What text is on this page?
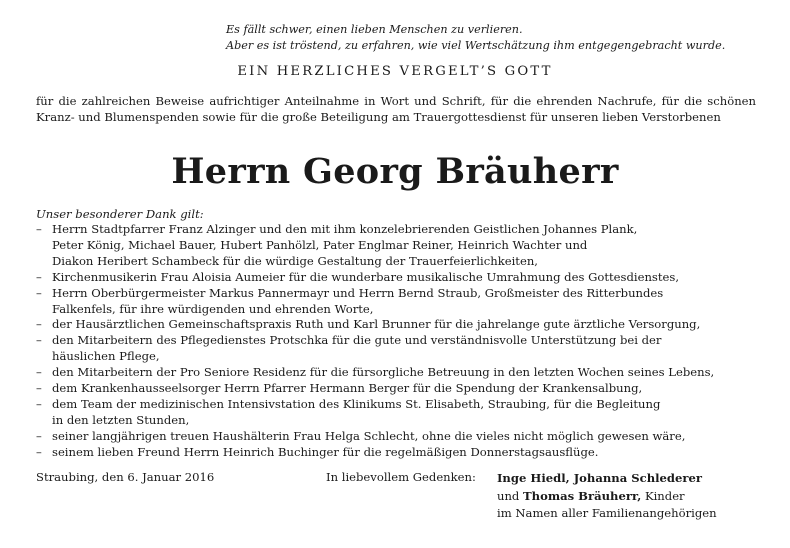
Es fällt schwer, einen lieben Menschen zu verlieren.
Aber es ist tröstend, zu erfahren, wie viel Wertschätzung ihm entgegengebracht wurde.
EIN HERZLICHES VERGELT’S GOTT
für die zahlreichen Beweise aufrichtiger Anteilnahme in Wort und Schrift, für die ehrenden Nachrufe, für die schönen Kranz- und Blumenspenden sowie für die große Beteiligung am Trauergottesdienst für unseren lieben Verstorbenen
Herrn Georg Bräuherr
Unser besonderer Dank gilt:
– Herrn Stadtpfarrer Franz Alzinger und den mit ihm konzelebrierenden Geistlichen Johannes Plank,
Peter König, Michael Bauer, Hubert Panhölzl, Pater Englmar Reiner, Heinrich Wachter und
Diakon Heribert Schambeck für die würdige Gestaltung der Trauerfeierlichkeiten,
– Kirchenmusikerin Frau Aloisia Aumeier für die wunderbare musikalische Umrahmung des Gottesdienstes,
– Herrn Oberbürgermeister Markus Pannermayr und Herrn Bernd Straub, Großmeister des Ritterbundes
Falkenfels, für ihre würdigenden und ehrenden Worte,
– der Hausärztlichen Gemeinschaftspraxis Ruth und Karl Brunner für die jahrelange gute ärztliche Versorgung,
– den Mitarbeitern des Pflegedienstes Protschka für die gute und verständnisvolle Unterstützung bei der
häuslichen Pflege,
– den Mitarbeitern der Pro Seniore Residenz für die fürsorgliche Betreuung in den letzten Wochen seines Lebens,
– dem Krankenhausseelsorger Herrn Pfarrer Hermann Berger für die Spendung der Krankensalbung,
– dem Team der medizinischen Intensivstation des Klinikums St. Elisabeth, Straubing, für die Begleitung
in den letzten Stunden,
– seiner langjährigen treuen Haushälterin Frau Helga Schlecht, ohne die vieles nicht möglich gewesen wäre,
– seinem lieben Freund Herrn Heinrich Buchinger für die regelmäßigen Donnerstagsausflüge.
Straubing, den 6. Januar 2016	In liebevollem Gedenken: Inge Hiedl, Johanna Schlederer
und Thomas Bräuherr, Kinder
im Namen aller Familienangehörigen
